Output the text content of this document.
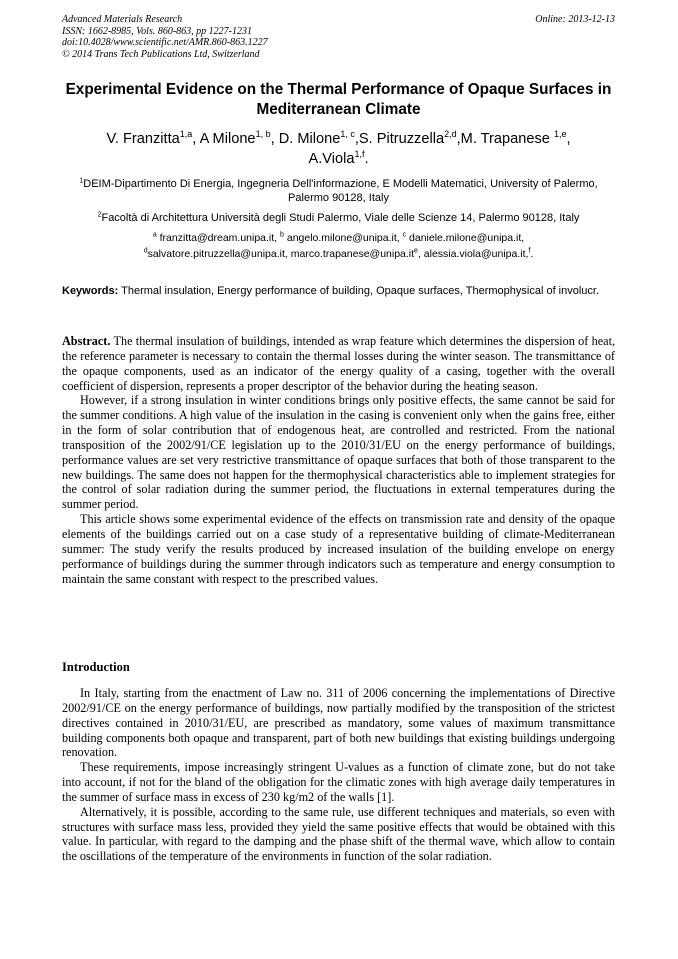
Advanced Materials Research
ISSN: 1662-8985, Vols. 860-863, pp 1227-1231
doi:10.4028/www.scientific.net/AMR.860-863.1227
© 2014 Trans Tech Publications Ltd, Switzerland
Online: 2013-12-13
Experimental Evidence on the Thermal Performance of Opaque Surfaces in Mediterranean Climate
V. Franzitta$^{1,a}$, A Milone$^{1, b}$, D. Milone$^{1, c}$,S. Pitruzzella$^{2,d}$,M. Trapanese $^{1,e}$,
A.Viola$^{1,f}$.
$^1$DEIM-Dipartimento Di Energia, Ingegneria Dell'informazione, E Modelli Matematici, University of Palermo, Palermo 90128, Italy
$^2$Facoltà di Architettura Università degli Studi Palermo, Viale delle Scienze 14, Palermo 90128, Italy
$^a$ franzitta@dream.unipa.it, $^b$ angelo.milone@unipa.it, $^c$ daniele.milone@unipa.it,
$^d$salvatore.pitruzzella@unipa.it, $marco.trapanese@unipa.it^e$, alessia.viola@unipa.it,$^f$.
Keywords: Thermal insulation, Energy performance of building, Opaque surfaces, Thermophysical of involucr.

Abstract. The thermal insulation of buildings, intended as wrap feature which determines the dispersion of heat, the reference parameter is necessary to contain the thermal losses during the winter season. The transmittance of the opaque components, used as an indicator of the energy quality of a casing, together with the overall coefficient of dispersion, represents a proper descriptor of the behavior during the heating season.

However, if a strong insulation in winter conditions brings only positive effects, the same cannot be said for the summer conditions. A high value of the insulation in the casing is convenient only when the gains free, either in the form of solar contribution that of endogenous heat, are controlled and restricted. From the national transposition of the 2002/91/CE legislation up to the 2010/31/EU on the energy performance of buildings, performance values are set very restrictive transmittance of opaque surfaces that both of those transparent to the new buildings. The same does not happen for the thermophysical characteristics able to implement strategies for the control of solar radiation during the summer period, the fluctuations in external temperatures during the summer period.

This article shows some experimental evidence of the effects on transmission rate and density of the opaque elements of the buildings carried out on a case study of a representative building of climate-Mediterranean summer: The study verify the results produced by increased insulation of the building envelope on energy performance of buildings during the summer through indicators such as temperature and energy consumption to maintain the same constant with respect to the prescribed values.

Introduction

In Italy, starting from the enactment of Law no. 311 of 2006 concerning the implementations of Directive 2002/91/CE on the energy performance of buildings, now partially modified by the transposition of the strictest directives contained in 2010/31/EU, are prescribed as mandatory, some values of maximum transmittance building components both opaque and transparent, part of both new buildings that existing buildings undergoing renovation.

These requirements, impose increasingly stringent U-values as a function of climate zone, but do not take into account, if not for the bland of the obligation for the climatic zones with high average daily temperatures in the summer of surface mass in excess of 230 kg/m2 of the walls [1].

Alternatively, it is possible, according to the same rule, use different techniques and materials, so even with structures with surface mass less, provided they yield the same positive effects that would be obtained with this value. In particular, with regard to the damping and the phase shift of the thermal wave, which allow to contain the oscillations of the temperature of the environments in function of the solar radiation.
